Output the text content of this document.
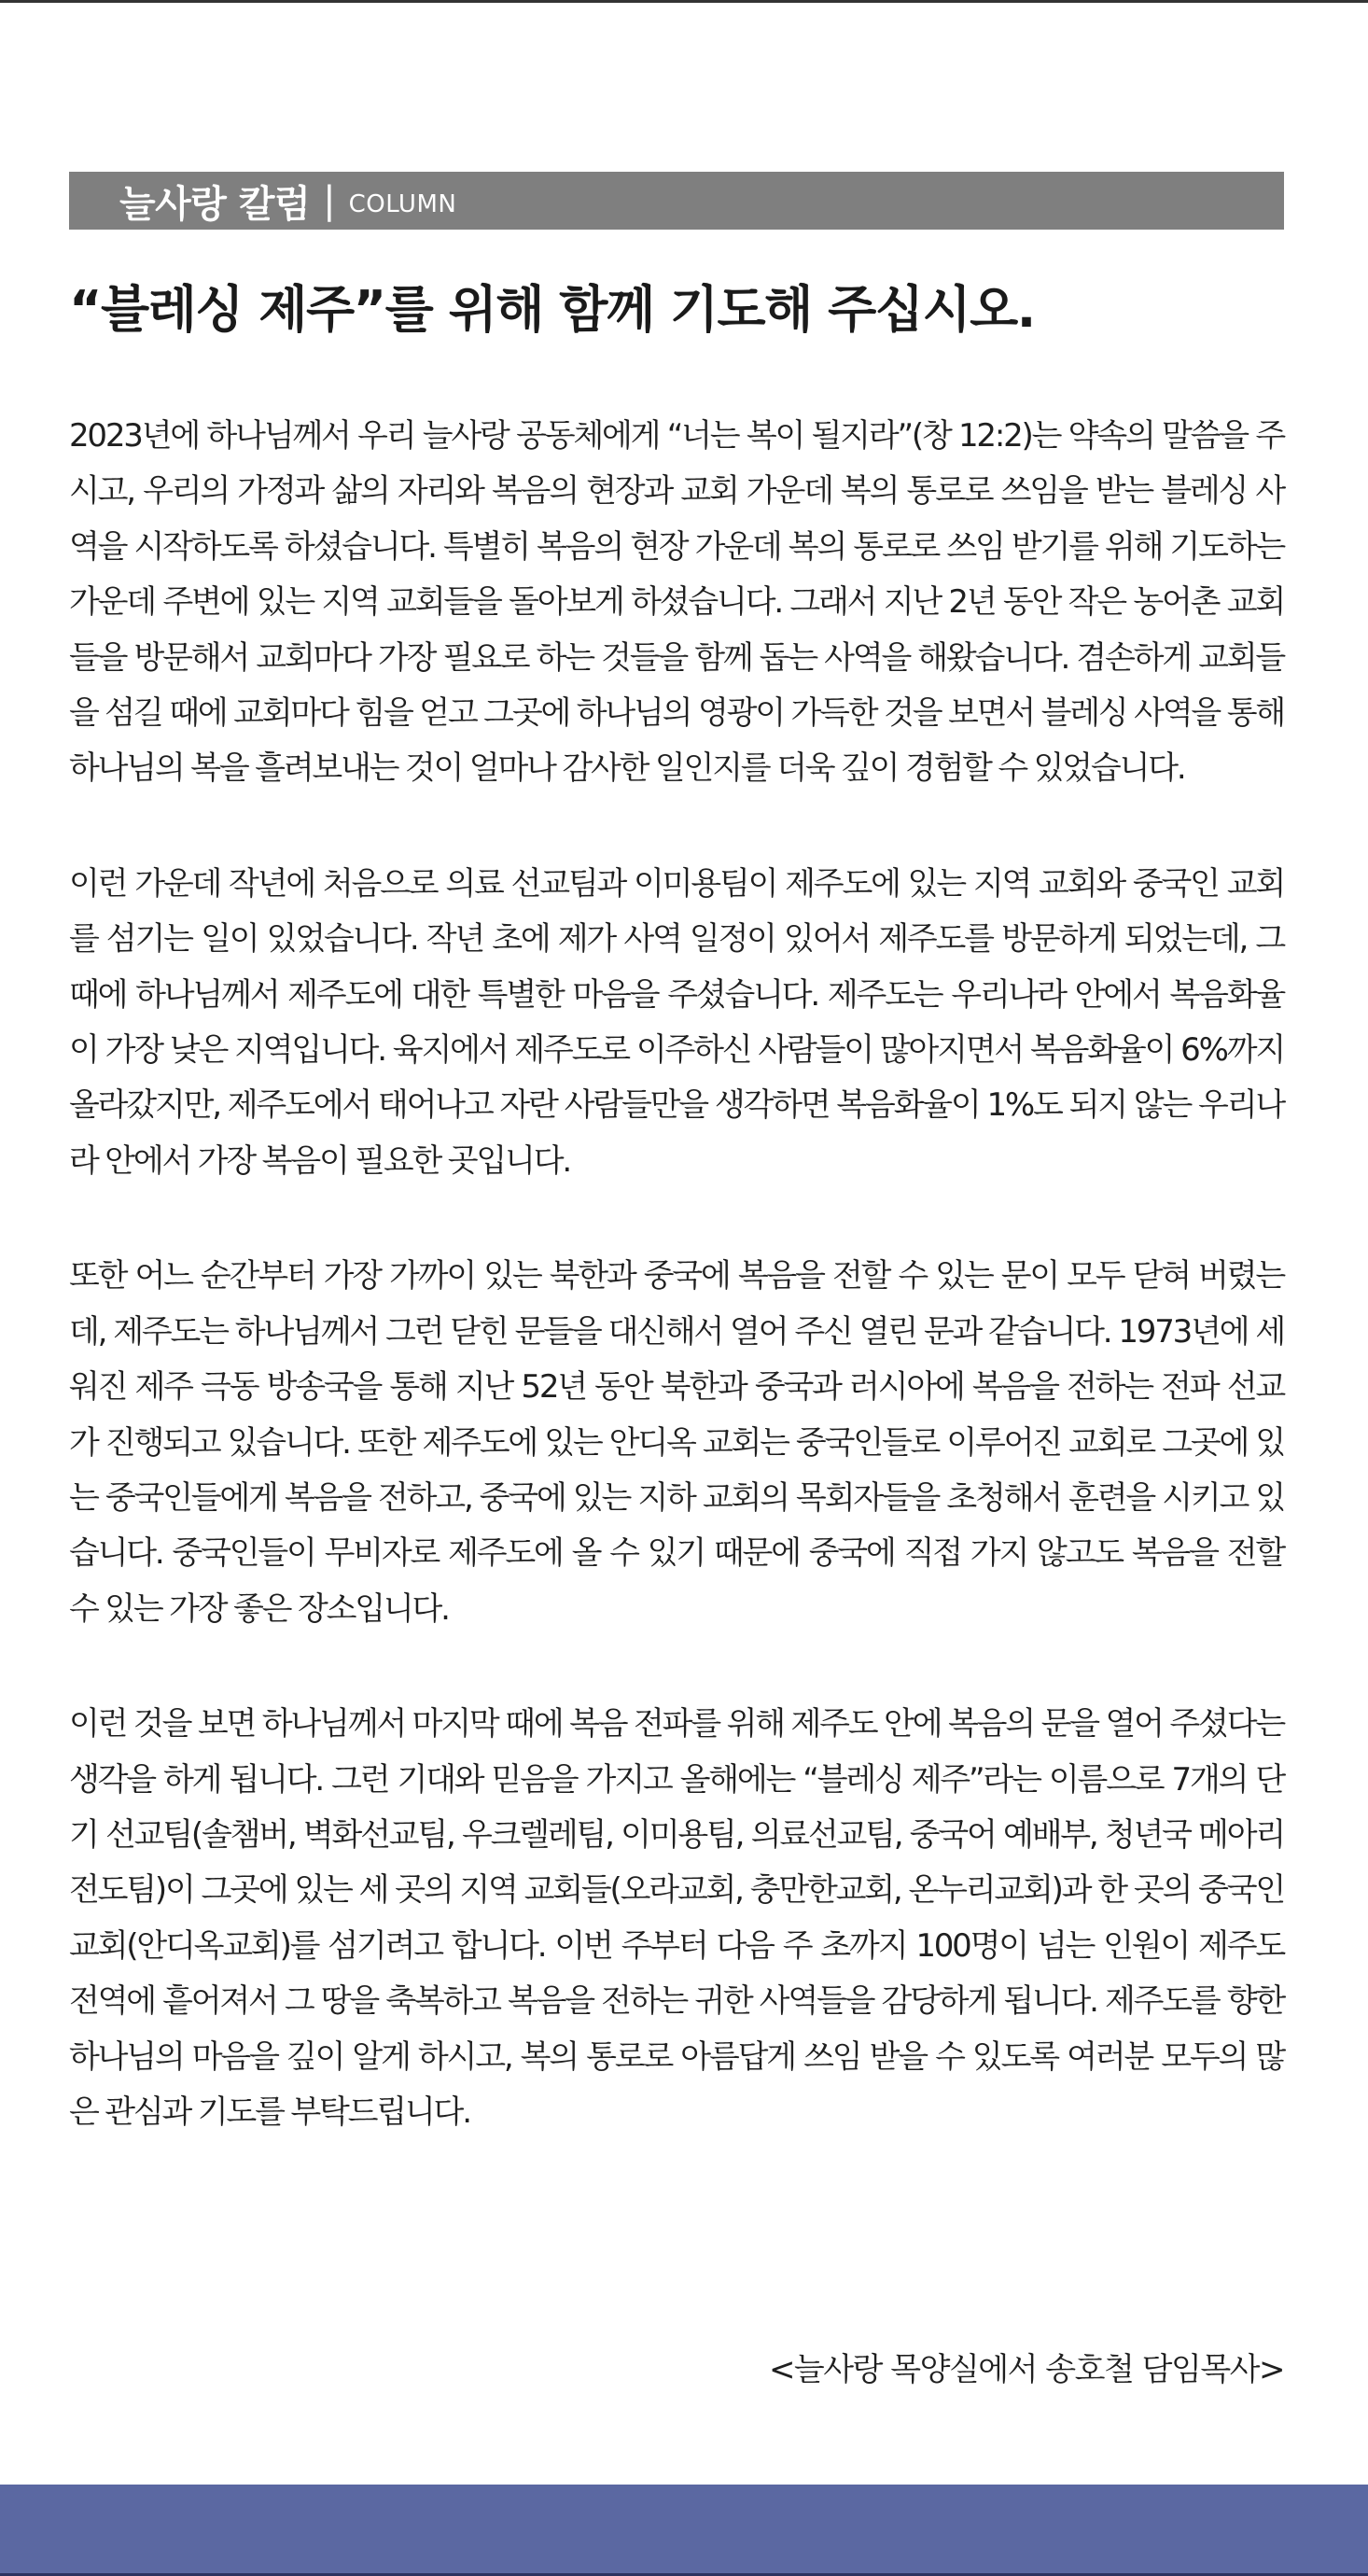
늘사랑 칼럼 | COLUMN
“블레싱 제주”를 위해 함께 기도해 주십시오.

2023년에 하나님께서 우리 늘사랑 공동체에게 “너는 복이 될지라”(창 12:2)는 약속의 말씀을 주시고, 우리의 가정과 삶의 자리와 복음의 현장과 교회 가운데 복의 통로로 쓰임을 받는 블레싱 사역을 시작하도록 하셨습니다. 특별히 복음의 현장 가운데 복의 통로로 쓰임 받기를 위해 기도하는 가운데 주변에 있는 지역 교회들을 돌아보게 하셨습니다. 그래서 지난 2년 동안 작은 농어촌 교회들을 방문해서 교회마다 가장 필요로 하는 것들을 함께 돕는 사역을 해왔습니다. 겸손하게 교회들을 섬길 때에 교회마다 힘을 얻고 그곳에 하나님의 영광이 가득한 것을 보면서 블레싱 사역을 통해 하나님의 복을 흘려보내는 것이 얼마나 감사한 일인지를 더욱 깊이 경험할 수 있었습니다.

이런 가운데 작년에 처음으로 의료 선교팀과 이미용팀이 제주도에 있는 지역 교회와 중국인 교회를 섬기는 일이 있었습니다. 작년 초에 제가 사역 일정이 있어서 제주도를 방문하게 되었는데, 그때에 하나님께서 제주도에 대한 특별한 마음을 주셨습니다. 제주도는 우리나라 안에서 복음화율이 가장 낮은 지역입니다. 육지에서 제주도로 이주하신 사람들이 많아지면서 복음화율이 6%까지 올라갔지만, 제주도에서 태어나고 자란 사람들만을 생각하면 복음화율이 1%도 되지 않는 우리나라 안에서 가장 복음이 필요한 곳입니다.

또한 어느 순간부터 가장 가까이 있는 북한과 중국에 복음을 전할 수 있는 문이 모두 닫혀 버렸는데, 제주도는 하나님께서 그런 닫힌 문들을 대신해서 열어 주신 열린 문과 같습니다. 1973년에 세워진 제주 극동 방송국을 통해 지난 52년 동안 북한과 중국과 러시아에 복음을 전하는 전파 선교가 진행되고 있습니다. 또한 제주도에 있는 안디옥 교회는 중국인들로 이루어진 교회로 그곳에 있는 중국인들에게 복음을 전하고, 중국에 있는 지하 교회의 목회자들을 초청해서 훈련을 시키고 있습니다. 중국인들이 무비자로 제주도에 올 수 있기 때문에 중국에 직접 가지 않고도 복음을 전할 수 있는 가장 좋은 장소입니다.

이런 것을 보면 하나님께서 마지막 때에 복음 전파를 위해 제주도 안에 복음의 문을 열어 주셨다는 생각을 하게 됩니다. 그런 기대와 믿음을 가지고 올해에는 “블레싱 제주”라는 이름으로 7개의 단기 선교팀(솔챔버, 벽화선교팀, 우크렐레팀, 이미용팀, 의료선교팀, 중국어 예배부, 청년국 메아리 전도팀)이 그곳에 있는 세 곳의 지역 교회들(오라교회, 충만한교회, 온누리교회)과 한 곳의 중국인 교회(안디옥교회)를 섬기려고 합니다. 이번 주부터 다음 주 초까지 100명이 넘는 인원이 제주도 전역에 흩어져서 그 땅을 축복하고 복음을 전하는 귀한 사역들을 감당하게 됩니다. 제주도를 향한 하나님의 마음을 깊이 알게 하시고, 복의 통로로 아름답게 쓰임 받을 수 있도록 여러분 모두의 많은 관심과 기도를 부탁드립니다.

<늘사랑 목양실에서 송호철 담임목사>
